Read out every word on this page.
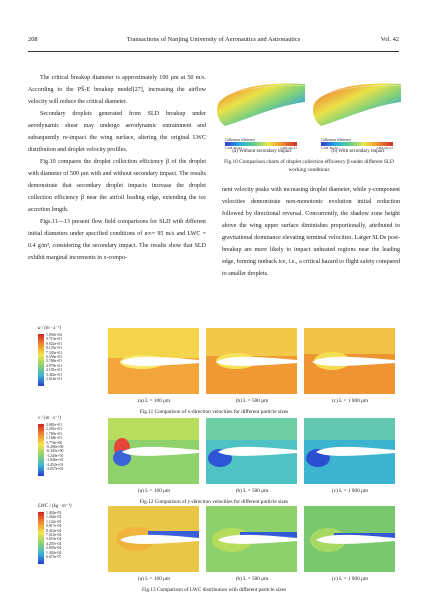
208	Transactions of Nanjing University of Aeronautics and Astronautics	Vol. 42

The critical breakup diameter is approximately 100 μm at 50 m/s. According to the PŠ-E breakup model[27], increasing the airflow velocity will reduce the critical diameter.

Secondary droplets generated from SLD breakup under aerodynamic shear may undergo aerodynamic entrainment and subsequently re-impact the wing surface, altering the original LWC distribution and droplet velocity profiles.

Fig.10 compares the droplet collection efficiency β of the droplet with diameter of 500 μm with and without secondary impact. The results demonstrate that secondary droplet impacts increase the droplet collection efficiency β near the airfoil leading edge, extending the ice accretion length.

Figs.11—13 present flow field comparisons for SLD with different initial diameters under specified conditions of u∞= 95 m/s and LWC = 0.4 g/m³, considering the secondary impact. The results show that SLD exhibit marginal increments in x-compo-

Collection efficiency
1.938 30e-02	2.486 20e-01
Collection efficiency
1.938 30e-02	2.486 20e-01
(a) Without secondary impact	(b) With secondary impact
Fig.10 Comparison charts of droplet collection efficiency β under different SLD working conditions

nent velocity peaks with increasing droplet diameter, while y-component velocities demonstrate non-monotonic evolution initial reduction followed by directional reversal. Concurrently, the shadow zone height above the wing upper surface diminishes proportionally, attributed to gravitational dominance elevating terminal velocities. Larger SLDs post-breakup are more likely to impact unheated regions near the leading edge, forming runback ice, i.e., a critical hazard to flight safety compared to smaller droplets.

u / (m · s⁻¹)
1.050e+02
9.710e+01
8.922e+01
8.133e+01
7.345e+01
6.556e+01
5.768e+01
4.979e+01
4.191e+01
3.402e+01
2.614e+01
(a) L = 100 μm	(b) L = 500 μm	(c) L = 1 000 μm
Fig.11 Comparison of x-direction velocities for different particle sizes
v / (m · s⁻¹)
2.681e+01
2.291e+01
1.769e+01
1.168e+01
5.776e+00
-0.286e+00
-6.345e+00
-1.240e+01
-1.846e+01
-2.452e+01
-3.057e+01
(a) L = 100 μm	(b) L = 500 μm	(c) L = 1 000 μm
Fig.12 Comparison of y-direction velocities for different particle sizes
LWC / (kg · m⁻³)
1.402e-03
1.262e-03
1.122e-03
9.817e-04
8.414e-04
7.012e-04
5.610e-04
4.207e-04
2.805e-04
1.402e-04
6.675e-07
(a) L = 100 μm	(b) L = 500 μm	(c) L = 1 000 μm
Fig.13 Comparison of LWC distribution with different particle sizes
